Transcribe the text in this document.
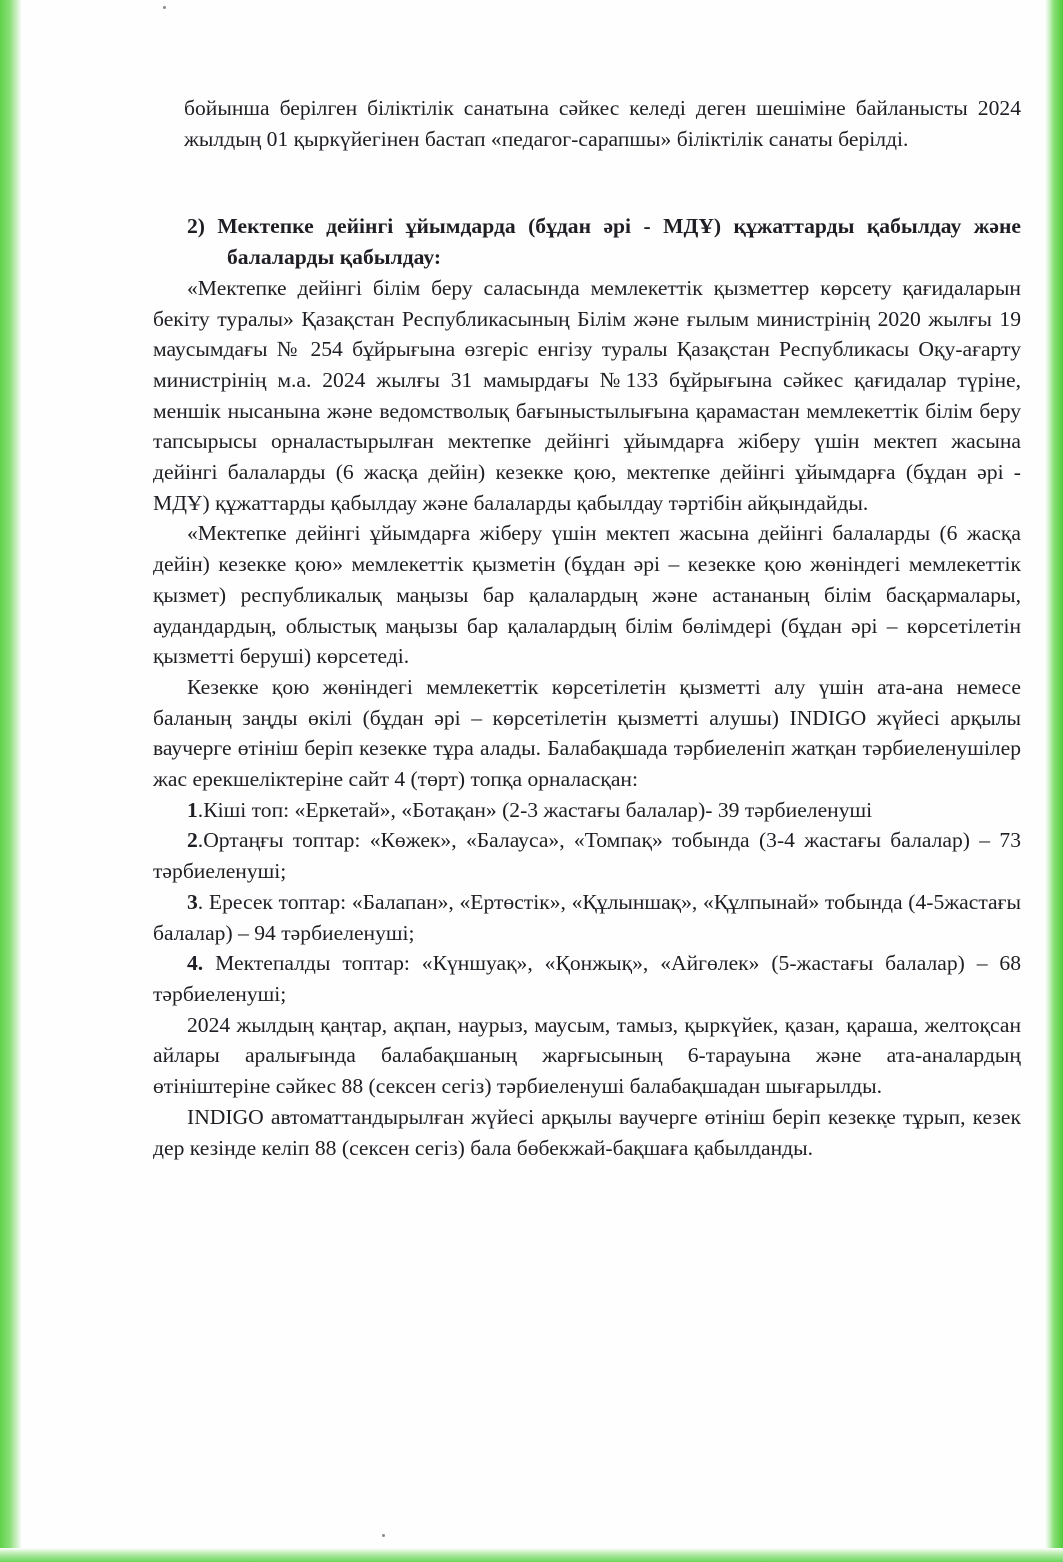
бойынша берілген біліктілік санатына сәйкес келеді деген шешіміне байланысты 2024 жылдың 01 қыркүйегінен бастап «педагог-сарапшы» біліктілік санаты берілді.

2) Мектепке дейінгі ұйымдарда (бұдан әрі - МДҰ) құжаттарды қабылдау және балаларды қабылдау:

«Мектепке дейінгі білім беру саласында мемлекеттік қызметтер көрсету қағидаларын бекіту туралы» Қазақстан Республикасының Білім және ғылым министрінің 2020 жылғы 19 маусымдағы № 254 бұйрығына өзгеріс енгізу туралы Қазақстан Республикасы Оқу-ағарту министрінің м.а. 2024 жылғы 31 мамырдағы №133 бұйрығына сәйкес қағидалар түріне, меншік нысанына және ведомстволық бағыныстылығына қарамастан мемлекеттік білім беру тапсырысы орналастырылған мектепке дейінгі ұйымдарға жіберу үшін мектеп жасына дейінгі балаларды (6 жасқа дейін) кезекке қою, мектепке дейінгі ұйымдарға (бұдан әрі - МДҰ) құжаттарды қабылдау және балаларды қабылдау тәртібін айқындайды.

«Мектепке дейінгі ұйымдарға жіберу үшін мектеп жасына дейінгі балаларды (6 жасқа дейін) кезекке қою» мемлекеттік қызметін (бұдан әрі – кезекке қою жөніндегі мемлекеттік қызмет) республикалық маңызы бар қалалардың және астананың білім басқармалары, аудандардың, облыстық маңызы бар қалалардың білім бөлімдері (бұдан әрі – көрсетілетін қызметті беруші) көрсетеді.

Кезекке қою жөніндегі мемлекеттік көрсетілетін қызметті алу үшін ата-ана немесе баланың заңды өкілі (бұдан әрі – көрсетілетін қызметті алушы) INDIGO жүйесі арқылы ваучерге өтініш беріп кезекке тұра алады. Балабақшада тәрбиеленіп жатқан тәрбиеленушілер жас ерекшеліктеріне сайт 4 (төрт) топқа орналасқан:

1.Кіші топ: «Еркетай», «Ботақан» (2-3 жастағы балалар)- 39 тәрбиеленуші

2.Ортаңғы топтар: «Көжек», «Балауса», «Томпақ» тобында (3-4 жастағы балалар) – 73 тәрбиеленуші;

3. Ересек топтар: «Балапан», «Ертөстік», «Құлыншақ», «Құлпынай» тобында (4-5жастағы балалар) – 94 тәрбиеленуші;

4. Мектепалды топтар: «Күншуақ», «Қонжық», «Айгөлек» (5-жастағы балалар) – 68 тәрбиеленуші;

2024 жылдың қаңтар, ақпан, наурыз, маусым, тамыз, қыркүйек, қазан, қараша, желтоқсан айлары аралығында балабақшаның жарғысының 6-тарауына және ата-аналардың өтініштеріне сәйкес 88 (сексен сегіз) тәрбиеленуші балабақшадан шығарылды.

INDIGO автоматтандырылған жүйесі арқылы ваучерге өтініш беріп кезекке тұрып, кезек дер кезінде келіп 88 (сексен сегіз) бала бөбекжай-бақшаға қабылданды.
